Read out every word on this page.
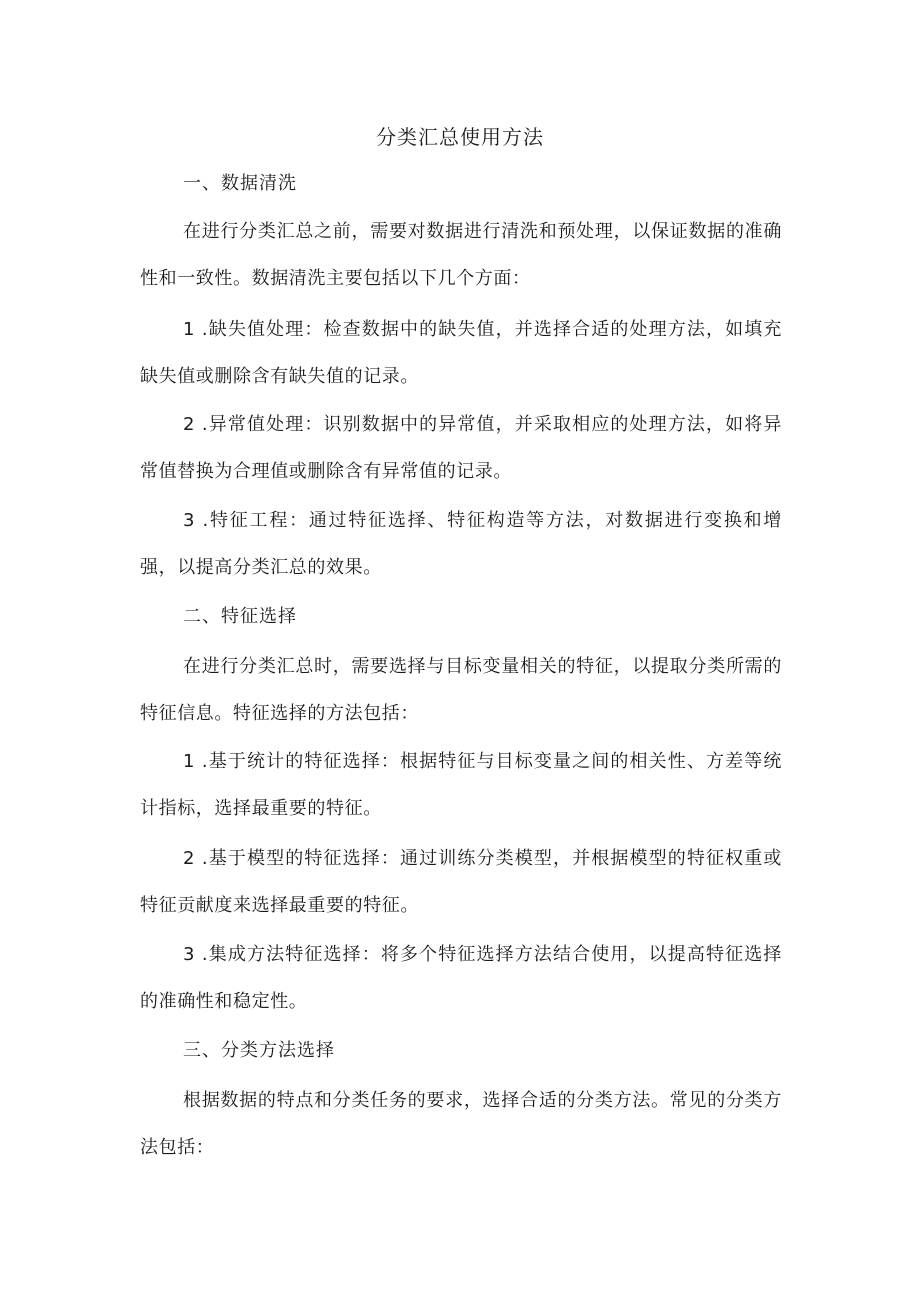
分类汇总使用方法
一、数据清洗

在进行分类汇总之前，需要对数据进行清洗和预处理，以保证数据的准确性和一致性。数据清洗主要包括以下几个方面：

1 .缺失值处理：检查数据中的缺失值，并选择合适的处理方法，如填充缺失值或删除含有缺失值的记录。

2 .异常值处理：识别数据中的异常值，并采取相应的处理方法，如将异常值替换为合理值或删除含有异常值的记录。

3 .特征工程：通过特征选择、特征构造等方法，对数据进行变换和增强，以提高分类汇总的效果。

二、特征选择

在进行分类汇总时，需要选择与目标变量相关的特征，以提取分类所需的特征信息。特征选择的方法包括：

1 .基于统计的特征选择：根据特征与目标变量之间的相关性、方差等统计指标，选择最重要的特征。

2 .基于模型的特征选择：通过训练分类模型，并根据模型的特征权重或特征贡献度来选择最重要的特征。

3 .集成方法特征选择：将多个特征选择方法结合使用，以提高特征选择的准确性和稳定性。

三、分类方法选择

根据数据的特点和分类任务的要求，选择合适的分类方法。常见的分类方法包括：
